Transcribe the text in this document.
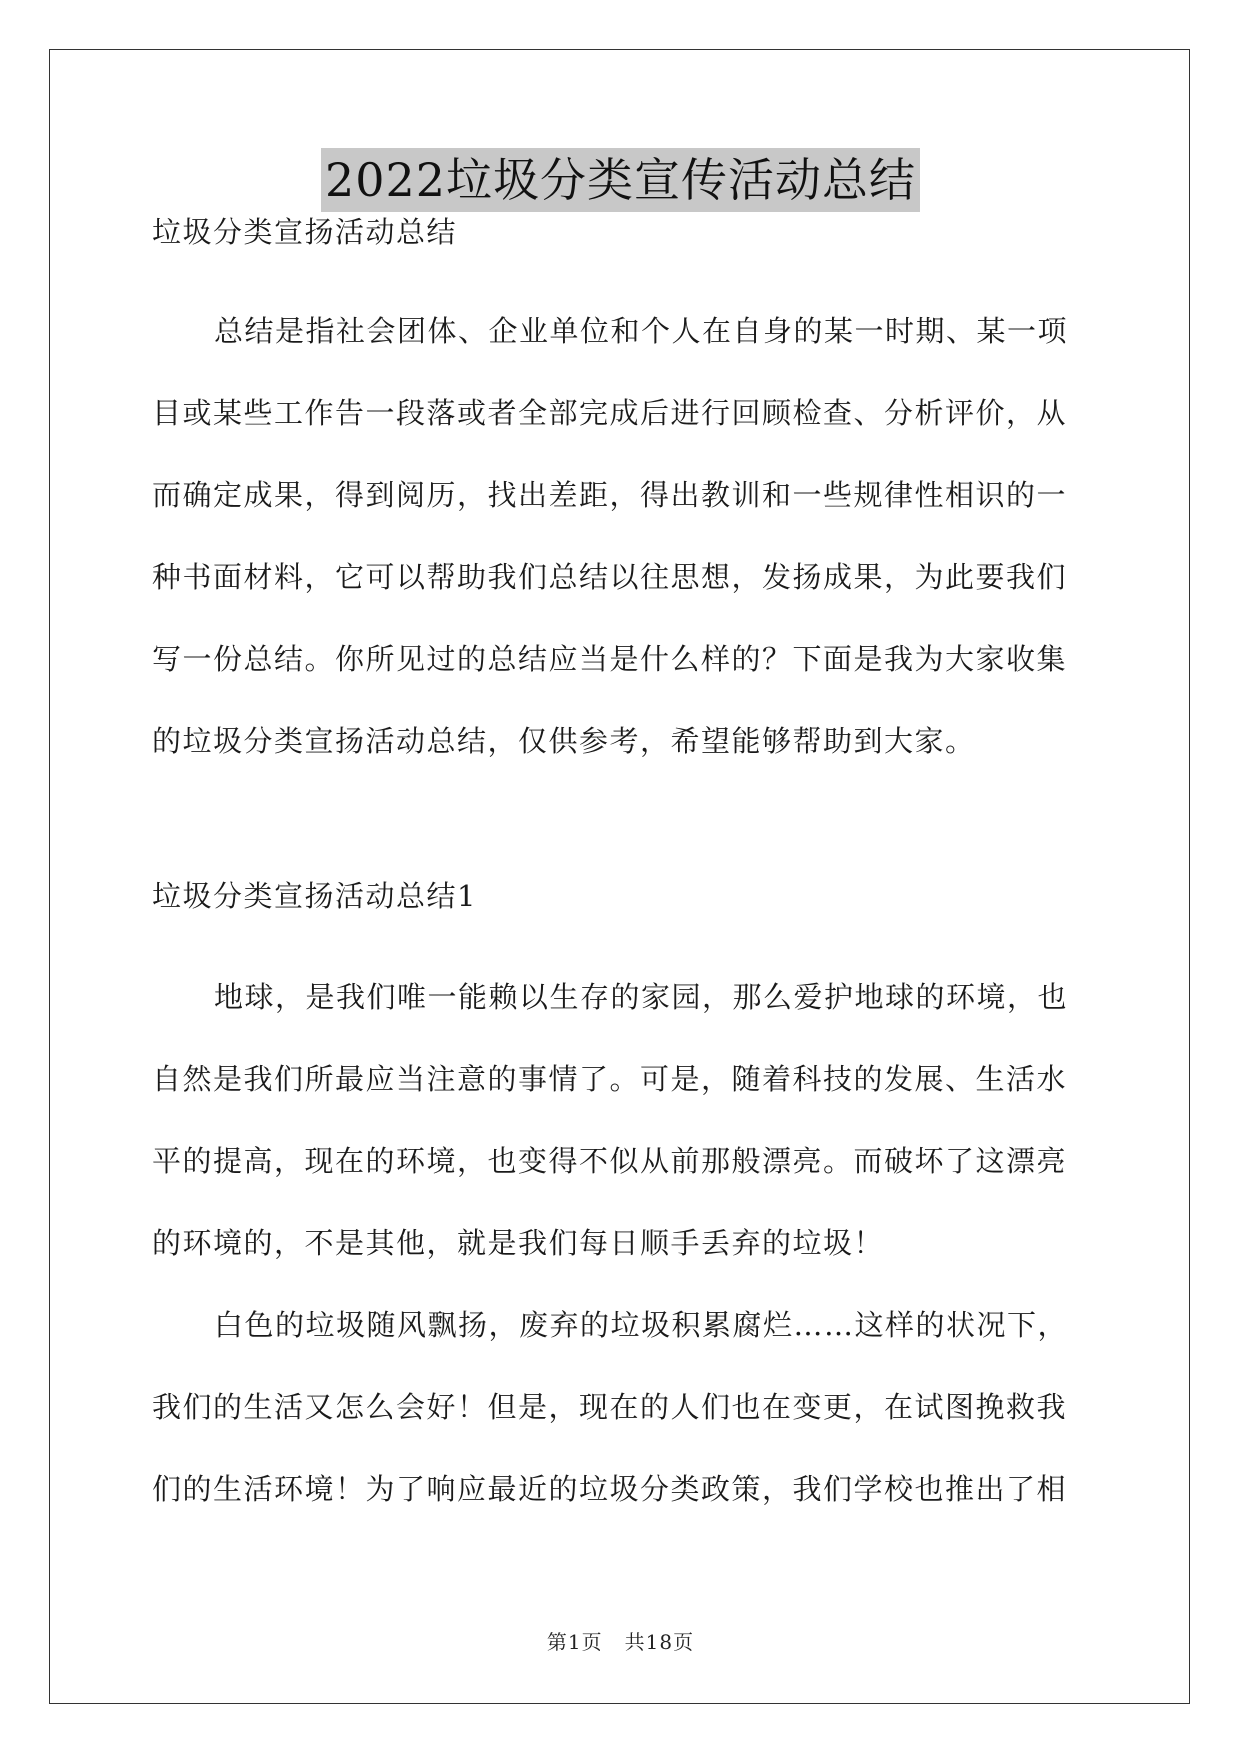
2022垃圾分类宣传活动总结
垃圾分类宣扬活动总结
总结是指社会团体、企业单位和个人在自身的某一时期、某一项
目或某些工作告一段落或者全部完成后进行回顾检查、分析评价，从
而确定成果，得到阅历，找出差距，得出教训和一些规律性相识的一
种书面材料，它可以帮助我们总结以往思想，发扬成果，为此要我们
写一份总结。你所见过的总结应当是什么样的？下面是我为大家收集
的垃圾分类宣扬活动总结，仅供参考，希望能够帮助到大家。
垃圾分类宣扬活动总结1
地球，是我们唯一能赖以生存的家园，那么爱护地球的环境，也
自然是我们所最应当注意的事情了。可是，随着科技的发展、生活水
平的提高，现在的环境，也变得不似从前那般漂亮。而破坏了这漂亮
的环境的，不是其他，就是我们每日顺手丢弃的垃圾！
白色的垃圾随风飘扬，废弃的垃圾积累腐烂……这样的状况下，
我们的生活又怎么会好！但是，现在的人们也在变更，在试图挽救我
们的生活环境！为了响应最近的垃圾分类政策，我们学校也推出了相
第1页 共18页
